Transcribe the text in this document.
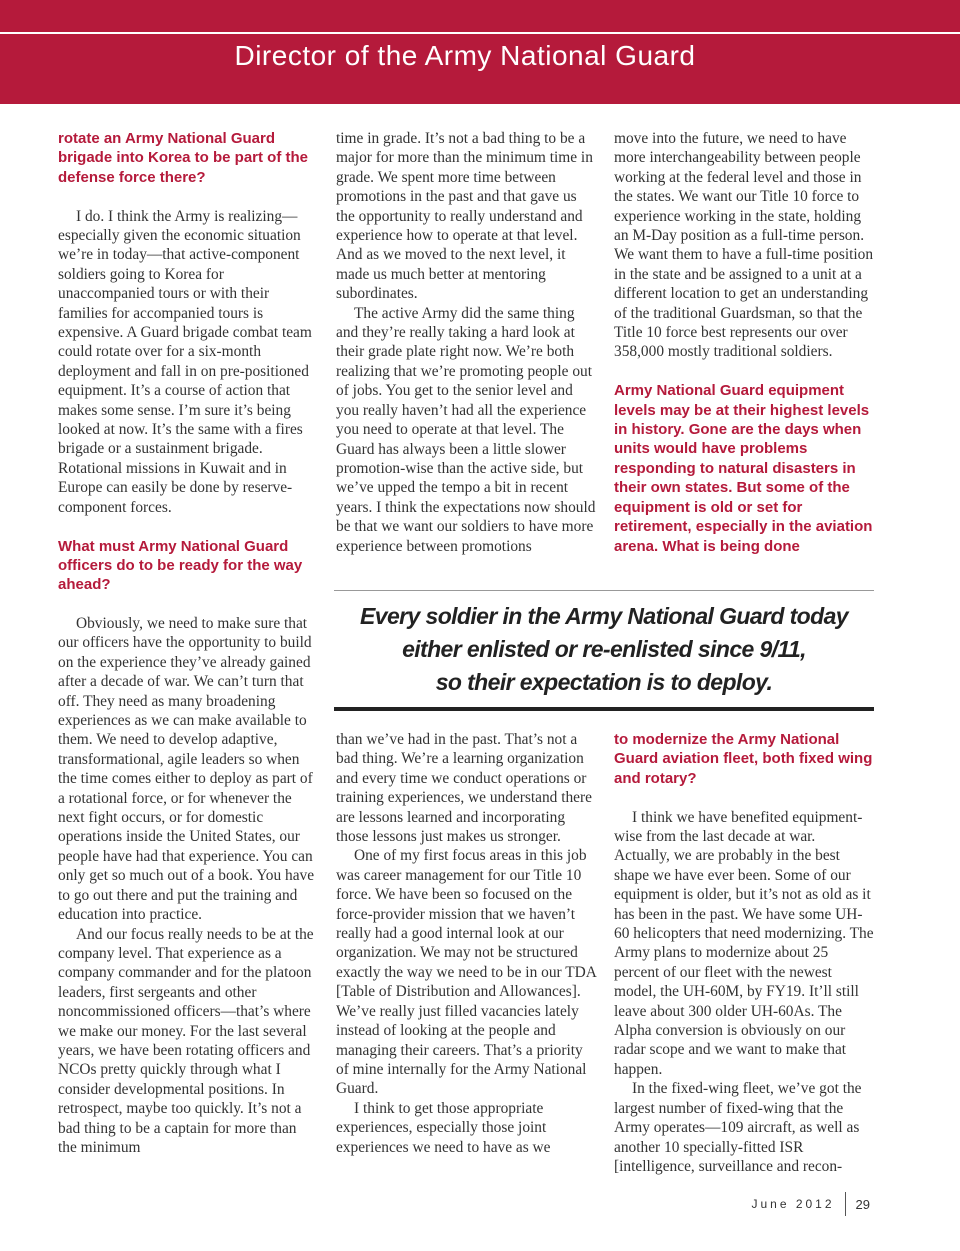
Director of the Army National Guard
rotate an Army National Guard brigade into Korea to be part of the defense force there?

I do. I think the Army is realizing—especially given the economic situation we’re in today—that active-component soldiers going to Korea for unaccompanied tours or with their families for accompanied tours is expensive. A Guard brigade combat team could rotate over for a six-month deployment and fall in on pre-positioned equipment. It’s a course of action that makes some sense. I’m sure it’s being looked at now. It’s the same with a fires brigade or a sustainment brigade. Rotational missions in Kuwait and in Europe can easily be done by reserve-component forces.

What must Army National Guard officers do to be ready for the way ahead?

Obviously, we need to make sure that our officers have the opportunity to build on the experience they’ve already gained after a decade of war. We can’t turn that off. They need as many broadening experiences as we can make available to them. We need to develop adaptive, transformational, agile leaders so when the time comes either to deploy as part of a rotational force, or for whenever the next fight occurs, or for domestic operations inside the United States, our people have had that experience. You can only get so much out of a book. You have to go out there and put the training and education into practice.

And our focus really needs to be at the company level. That experience as a company commander and for the platoon leaders, first sergeants and other noncommissioned officers—that’s where we make our money. For the last several years, we have been rotating officers and NCOs pretty quickly through what I consider developmental positions. In retrospect, maybe too quickly. It’s not a bad thing to be a captain for more than the minimum

time in grade. It’s not a bad thing to be a major for more than the minimum time in grade. We spent more time between promotions in the past and that gave us the opportunity to really understand and experience how to operate at that level. And as we moved to the next level, it made us much better at mentoring subordinates.

The active Army did the same thing and they’re really taking a hard look at their grade plate right now. We’re both realizing that we’re promoting people out of jobs. You get to the senior level and you really haven’t had all the experience you need to operate at that level. The Guard has always been a little slower promotion-wise than the active side, but we’ve upped the tempo a bit in recent years. I think the expectations now should be that we want our soldiers to have more experience between promotions

than we’ve had in the past. That’s not a bad thing. We’re a learning organization and every time we conduct operations or training experiences, we understand there are lessons learned and incorporating those lessons just makes us stronger.

One of my first focus areas in this job was career management for our Title 10 force. We have been so focused on the force-provider mission that we haven’t really had a good internal look at our organization. We may not be structured exactly the way we need to be in our TDA [Table of Distribution and Allowances]. We’ve really just filled vacancies lately instead of looking at the people and managing their careers. That’s a priority of mine internally for the Army National Guard.

I think to get those appropriate experiences, especially those joint experiences we need to have as we

move into the future, we need to have more interchangeability between people working at the federal level and those in the states. We want our Title 10 force to experience working in the state, holding an M-Day position as a full-time person. We want them to have a full-time position in the state and be assigned to a unit at a different location to get an understanding of the traditional Guardsman, so that the Title 10 force best represents our over 358,000 mostly traditional soldiers.

Army National Guard equipment levels may be at their highest levels in history. Gone are the days when units would have problems responding to natural disasters in their own states. But some of the equipment is old or set for retirement, especially in the aviation arena. What is being done
to modernize the Army National Guard aviation fleet, both fixed wing and rotary?

I think we have benefited equipment-wise from the last decade at war. Actually, we are probably in the best shape we have ever been. Some of our equipment is older, but it’s not as old as it has been in the past. We have some UH-60 helicopters that need modernizing. The Army plans to modernize about 25 percent of our fleet with the newest model, the UH-60M, by FY19. It’ll still leave about 300 older UH-60As. The Alpha conversion is obviously on our radar scope and we want to make that happen.

In the fixed-wing fleet, we’ve got the largest number of fixed-wing that the Army operates—109 aircraft, as well as another 10 specially-fitted ISR [intelligence, surveillance and recon-

Every soldier in the Army National Guard today
either enlisted or re-enlisted since 9/11,
so their expectation is to deploy.
June 2012 29
